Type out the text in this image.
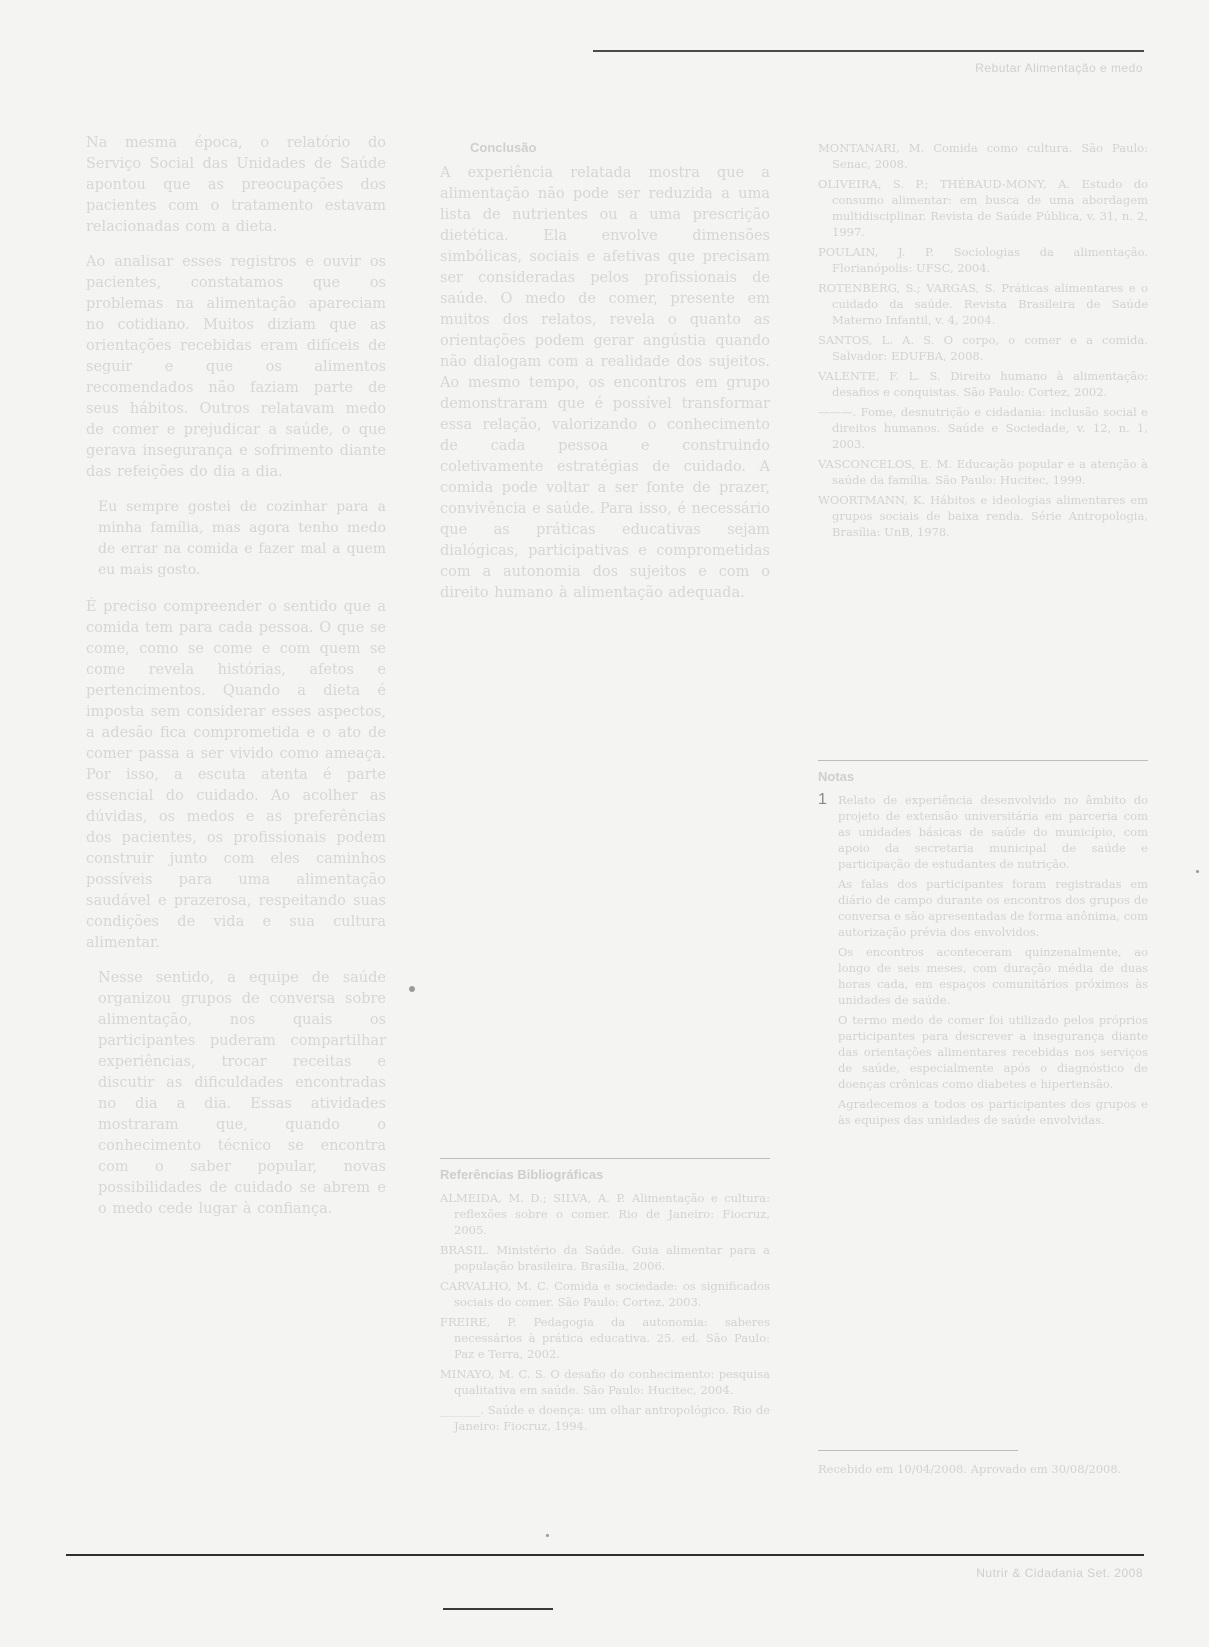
Rebutar Alimentação e medo

Na mesma época, o relatório do Serviço Social das Unidades de Saúde apontou que as preocupações dos pacientes com o tratamento estavam relacionadas com a dieta.

Ao analisar esses registros e ouvir os pacientes, constatamos que os problemas na alimentação apareciam no cotidiano. Muitos diziam que as orientações recebidas eram difíceis de seguir e que os alimentos recomendados não faziam parte de seus hábitos. Outros relatavam medo de comer e prejudicar a saúde, o que gerava insegurança e sofrimento diante das refeições do dia a dia.

Eu sempre gostei de cozinhar para a minha família, mas agora tenho medo de errar na comida e fazer mal a quem eu mais gosto.

É preciso compreender o sentido que a comida tem para cada pessoa. O que se come, como se come e com quem se come revela histórias, afetos e pertencimentos. Quando a dieta é imposta sem considerar esses aspectos, a adesão fica comprometida e o ato de comer passa a ser vivido como ameaça. Por isso, a escuta atenta é parte essencial do cuidado. Ao acolher as dúvidas, os medos e as preferências dos pacientes, os profissionais podem construir junto com eles caminhos possíveis para uma alimentação saudável e prazerosa, respeitando suas condições de vida e sua cultura alimentar.

Nesse sentido, a equipe de saúde organizou grupos de conversa sobre alimentação, nos quais os participantes puderam compartilhar experiências, trocar receitas e discutir as dificuldades encontradas no dia a dia. Essas atividades mostraram que, quando o conhecimento técnico se encontra com o saber popular, novas possibilidades de cuidado se abrem e o medo cede lugar à confiança.

Conclusão

A experiência relatada mostra que a alimentação não pode ser reduzida a uma lista de nutrientes ou a uma prescrição dietética. Ela envolve dimensões simbólicas, sociais e afetivas que precisam ser consideradas pelos profissionais de saúde. O medo de comer, presente em muitos dos relatos, revela o quanto as orientações podem gerar angústia quando não dialogam com a realidade dos sujeitos. Ao mesmo tempo, os encontros em grupo demonstraram que é possível transformar essa relação, valorizando o conhecimento de cada pessoa e construindo coletivamente estratégias de cuidado. A comida pode voltar a ser fonte de prazer, convivência e saúde. Para isso, é necessário que as práticas educativas sejam dialógicas, participativas e comprometidas com a autonomia dos sujeitos e com o direito humano à alimentação adequada.

Referências Bibliográficas

ALMEIDA, M. D.; SILVA, A. P. Alimentação e cultura: reflexões sobre o comer. Rio de Janeiro: Fiocruz, 2005.

BRASIL. Ministério da Saúde. Guia alimentar para a população brasileira. Brasília, 2006.

CARVALHO, M. C. Comida e sociedade: os significados sociais do comer. São Paulo: Cortez, 2003.

FREIRE, P. Pedagogia da autonomia: saberes necessários à prática educativa. 25. ed. São Paulo: Paz e Terra, 2002.

MINAYO, M. C. S. O desafio do conhecimento: pesquisa qualitativa em saúde. São Paulo: Hucitec, 2004.

_______. Saúde e doença: um olhar antropológico. Rio de Janeiro: Fiocruz, 1994.

MONTANARI, M. Comida como cultura. São Paulo: Senac, 2008.

OLIVEIRA, S. P.; THÉBAUD-MONY, A. Estudo do consumo alimentar: em busca de uma abordagem multidisciplinar. Revista de Saúde Pública, v. 31, n. 2, 1997.

POULAIN, J. P. Sociologias da alimentação. Florianópolis: UFSC, 2004.

ROTENBERG, S.; VARGAS, S. Práticas alimentares e o cuidado da saúde. Revista Brasileira de Saúde Materno Infantil, v. 4, 2004.

SANTOS, L. A. S. O corpo, o comer e a comida. Salvador: EDUFBA, 2008.

VALENTE, F. L. S. Direito humano à alimentação: desafios e conquistas. São Paulo: Cortez, 2002.

———. Fome, desnutrição e cidadania: inclusão social e direitos humanos. Saúde e Sociedade, v. 12, n. 1, 2003.

VASCONCELOS, E. M. Educação popular e a atenção à saúde da família. São Paulo: Hucitec, 1999.

WOORTMANN, K. Hábitos e ideologias alimentares em grupos sociais de baixa renda. Série Antropologia, Brasília: UnB, 1978.

Notas
1 Relato de experiência desenvolvido no âmbito do projeto de extensão universitária em parceria com as unidades básicas de saúde do município, com apoio da secretaria municipal de saúde e participação de estudantes de nutrição.

As falas dos participantes foram registradas em diário de campo durante os encontros dos grupos de conversa e são apresentadas de forma anônima, com autorização prévia dos envolvidos.

Os encontros aconteceram quinzenalmente, ao longo de seis meses, com duração média de duas horas cada, em espaços comunitários próximos às unidades de saúde.

O termo medo de comer foi utilizado pelos próprios participantes para descrever a insegurança diante das orientações alimentares recebidas nos serviços de saúde, especialmente após o diagnóstico de doenças crônicas como diabetes e hipertensão.

Agradecemos a todos os participantes dos grupos e às equipes das unidades de saúde envolvidas.

Recebido em 10/04/2008. Aprovado em 30/08/2008.

Nutrir & Cidadania Set. 2008
